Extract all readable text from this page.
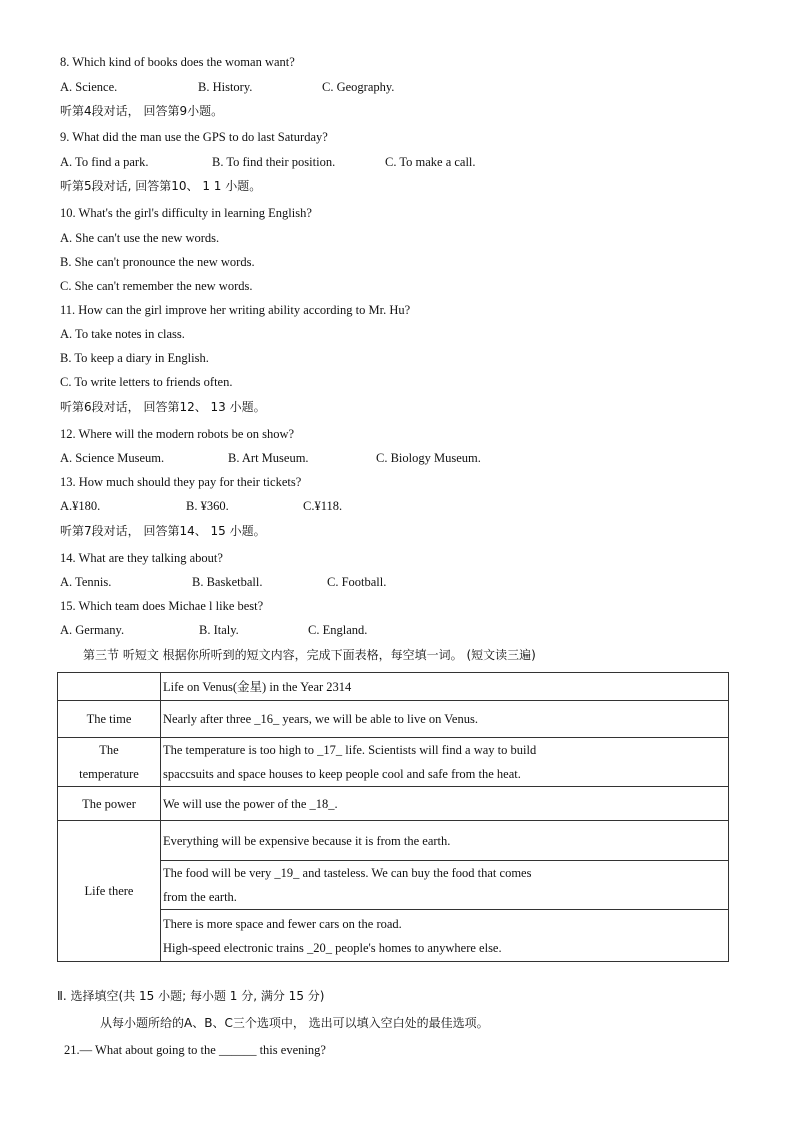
8. Which kind of books does the woman want?
A. Science.	B. History.	C. Geography.
听第4段对话， 回答第9小题。
9. What did the man use the GPS to do last Saturday?
A. To find a park.	B. To find their position.	C. To make a call.
听第5段对话, 回答第10、 1 1 小题。
10. What's the girl's difficulty in learning English?
A. She can't use the new words.
B. She can't pronounce the new words.
C. She can't remember the new words.
11. How can the girl improve her writing ability according to Mr. Hu?
A. To take notes in class.
B. To keep a diary in English.
C. To write letters to friends often.
听第6段对话， 回答第12、 13 小题。
12. Where will the modern robots be on show?
A. Science Museum.	B. Art Museum.	C. Biology Museum.
13. How much should they pay for their tickets?
A.¥180.	B. ¥360.	C.¥118.
听第7段对话， 回答第14、 15 小题。
14. What are they talking about?
A. Tennis.	B. Basketball.	C. Football.
15. Which team does Michae l like best?
A. Germany.	B. Italy.	C. England.
第三节 听短文 根据你所听到的短文内容，完成下面表格，每空填一词。 (短文读三遍)
	Life on Venus(金星) in the Year 2314
The time	Nearly after three _16_ years, we will be able to live on Venus.

The
temperature	The temperature is too high to _17_ life. Scientists will find a way to build
spaccsuits and space houses to keep people cool and safe from the heat.

The power	We will use the power of the _18_.
Life there	Everything will be expensive because it is from the earth.

	The food will be very _19_ and tasteless. We can buy the food that comes
from the earth.

	There is more space and fewer cars on the road.
High-speed electronic trains _20_ people's homes to anywhere else.
Ⅱ. 选择填空(共 15 小题; 每小题 1 分, 满分 15 分)
从每小题所给的A、B、C三个选项中， 选出可以填入空白处的最佳选项。
21.— What about going to the ______ this evening?
